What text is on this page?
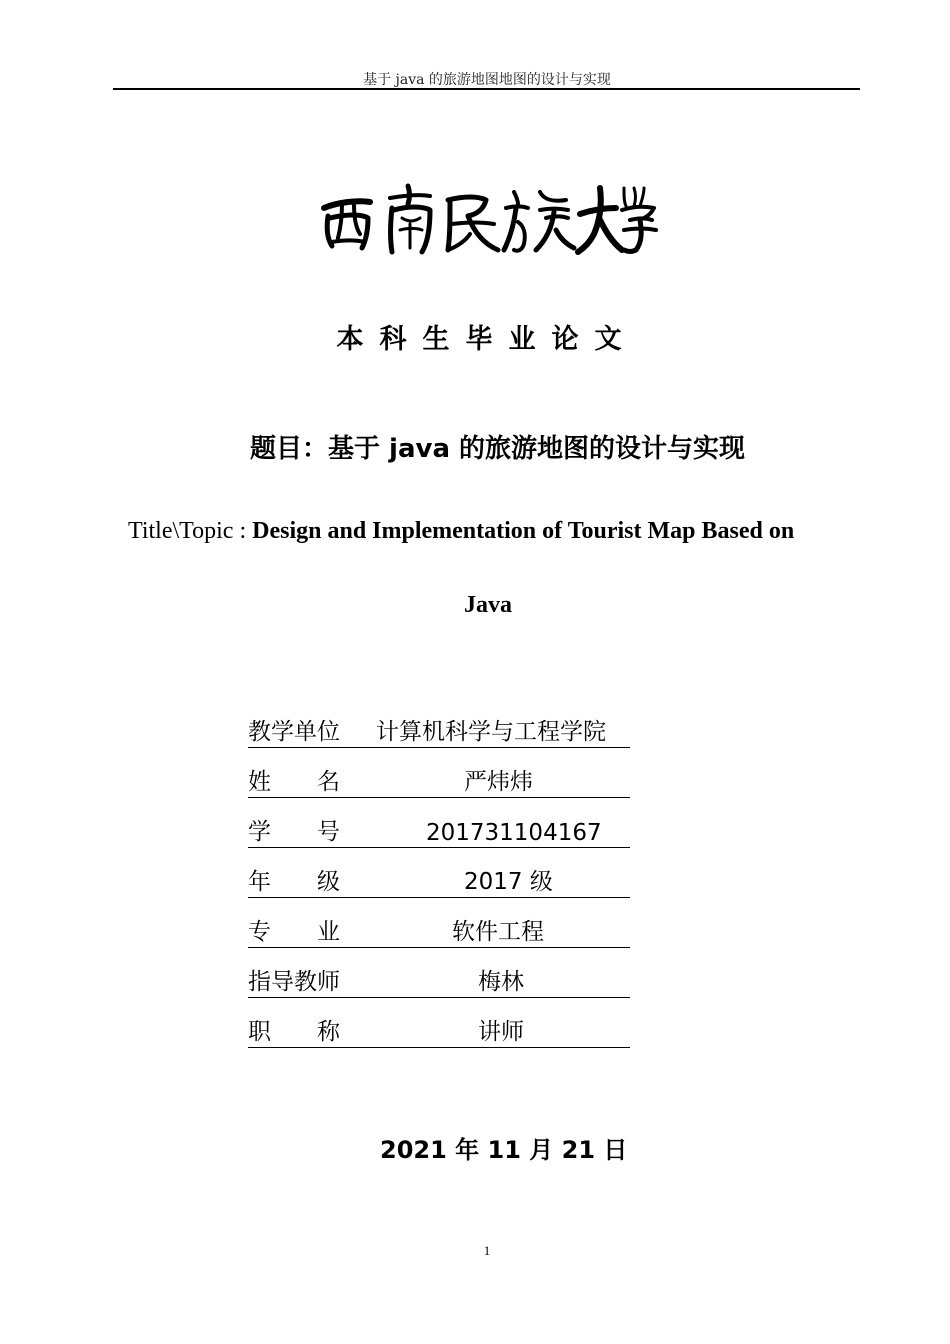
基于 java 的旅游地图地图的设计与实现
本科生毕业论文
题目：基于 java 的旅游地图的设计与实现
Title\Topic : Design and Implementation of Tourist Map Based on
Java
教学单位 计算机科学与工程学院
姓　　名	严炜炜
学　　号	201731104167
年　　级	2017 级
专　　业	软件工程
指导教师	梅林
职　　称	讲师
2021 年 11 月 21 日
1
